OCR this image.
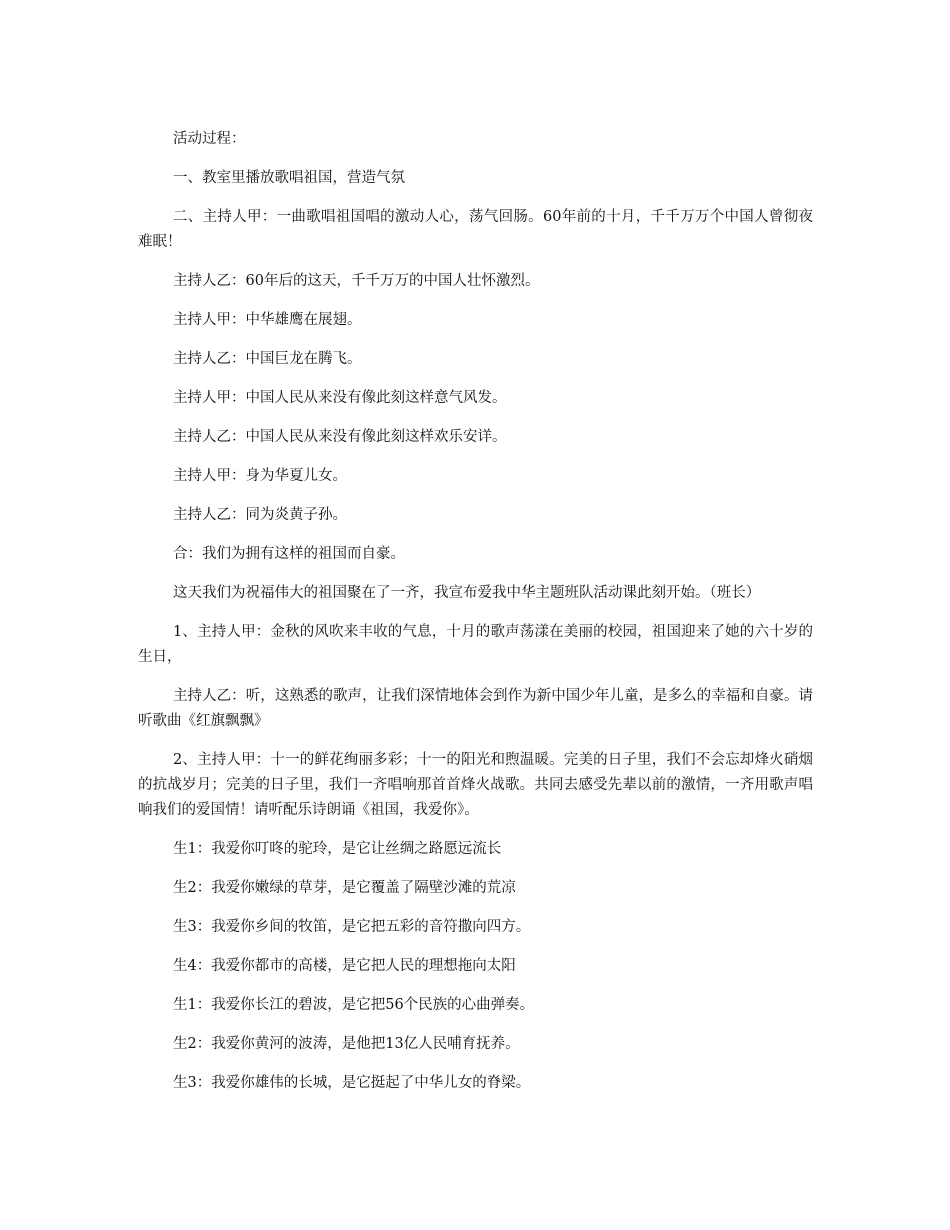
活动过程：

一、教室里播放歌唱祖国，营造气氛

二、主持人甲：一曲歌唱祖国唱的激动人心，荡气回肠。60年前的十月，千千万万个中国人曾彻夜难眠！

主持人乙：60年后的这天，千千万万的中国人壮怀激烈。

主持人甲：中华雄鹰在展翅。

主持人乙：中国巨龙在腾飞。

主持人甲：中国人民从来没有像此刻这样意气风发。

主持人乙：中国人民从来没有像此刻这样欢乐安详。

主持人甲：身为华夏儿女。

主持人乙：同为炎黄子孙。

合：我们为拥有这样的祖国而自豪。

这天我们为祝福伟大的祖国聚在了一齐，我宣布爱我中华主题班队活动课此刻开始。（班长）

1、主持人甲：金秋的风吹来丰收的气息，十月的歌声荡漾在美丽的校园，祖国迎来了她的六十岁的生日，

主持人乙：听，这熟悉的歌声，让我们深情地体会到作为新中国少年儿童，是多么的幸福和自豪。请听歌曲《红旗飘飘》

2、主持人甲：十一的鲜花绚丽多彩；十一的阳光和煦温暖。完美的日子里，我们不会忘却烽火硝烟的抗战岁月；完美的日子里，我们一齐唱响那首首烽火战歌。共同去感受先辈以前的激情，一齐用歌声唱响我们的爱国情！请听配乐诗朗诵《祖国，我爱你》。

生1：我爱你叮咚的驼玲，是它让丝绸之路愿远流长

生2：我爱你嫩绿的草芽，是它覆盖了隔壁沙滩的荒凉

生3：我爱你乡间的牧笛，是它把五彩的音符撒向四方。

生4：我爱你都市的高楼，是它把人民的理想拖向太阳

生1：我爱你长江的碧波，是它把56个民族的心曲弹奏。

生2：我爱你黄河的波涛，是他把13亿人民哺育抚养。

生3：我爱你雄伟的长城，是它挺起了中华儿女的脊梁。
